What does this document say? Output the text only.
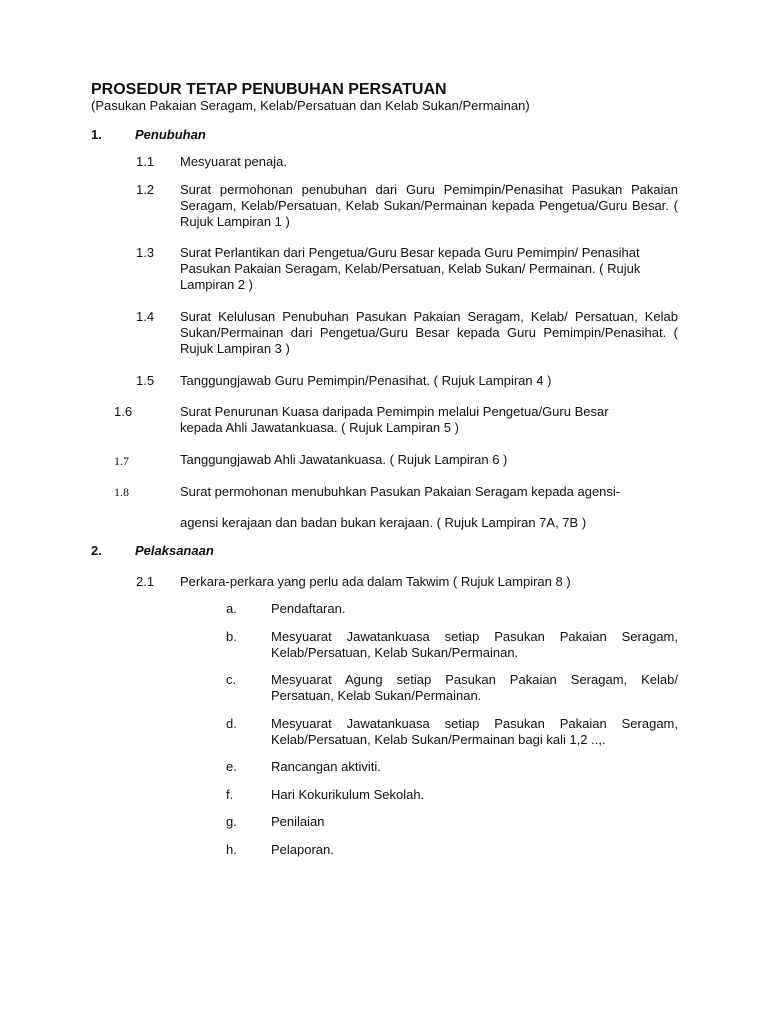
PROSEDUR TETAP PENUBUHAN PERSATUAN
(Pasukan Pakaian Seragam, Kelab/Persatuan dan Kelab Sukan/Permainan)
1.	Penubuhan
1.1 Mesyuarat penaja.
1.2 Surat permohonan penubuhan dari Guru Pemimpin/Penasihat Pasukan Pakaian Seragam, Kelab/Persatuan, Kelab Sukan/Permainan kepada Pengetua/Guru Besar. ( Rujuk Lampiran 1 )
1.3 Surat Perlantikan dari Pengetua/Guru Besar kepada Guru Pemimpin/ Penasihat Pasukan Pakaian Seragam, Kelab/Persatuan, Kelab Sukan/ Permainan. ( Rujuk Lampiran 2 )
1.4 Surat Kelulusan Penubuhan Pasukan Pakaian Seragam, Kelab/ Persatuan, Kelab Sukan/Permainan dari Pengetua/Guru Besar kepada Guru Pemimpin/Penasihat. ( Rujuk Lampiran 3 )
1.5 Tanggungjawab Guru Pemimpin/Penasihat. ( Rujuk Lampiran 4 )
1.6	Surat Penurunan Kuasa daripada Pemimpin melalui Pengetua/Guru Besar kepada Ahli Jawatankuasa. ( Rujuk Lampiran 5 )
1.7	Tanggungjawab Ahli Jawatankuasa. ( Rujuk Lampiran 6 )
1.8	Surat permohonan menubuhkan Pasukan Pakaian Seragam kepada agensi-
agensi kerajaan dan badan bukan kerajaan. ( Rujuk Lampiran 7A, 7B )
2.	Pelaksanaan
2.1 Perkara-perkara yang perlu ada dalam Takwim ( Rujuk Lampiran 8 )
a.	Pendaftaran.
b.	Mesyuarat Jawatankuasa setiap Pasukan Pakaian Seragam, Kelab/Persatuan, Kelab Sukan/Permainan.
c.	Mesyuarat Agung setiap Pasukan Pakaian Seragam, Kelab/ Persatuan, Kelab Sukan/Permainan.
d.	Mesyuarat Jawatankuasa setiap Pasukan Pakaian Seragam, Kelab/Persatuan, Kelab Sukan/Permainan bagi kali 1,2 ..,.
e.	Rancangan aktiviti.
f.	Hari Kokurikulum Sekolah.
g.	Penilaian
h.	Pelaporan.
